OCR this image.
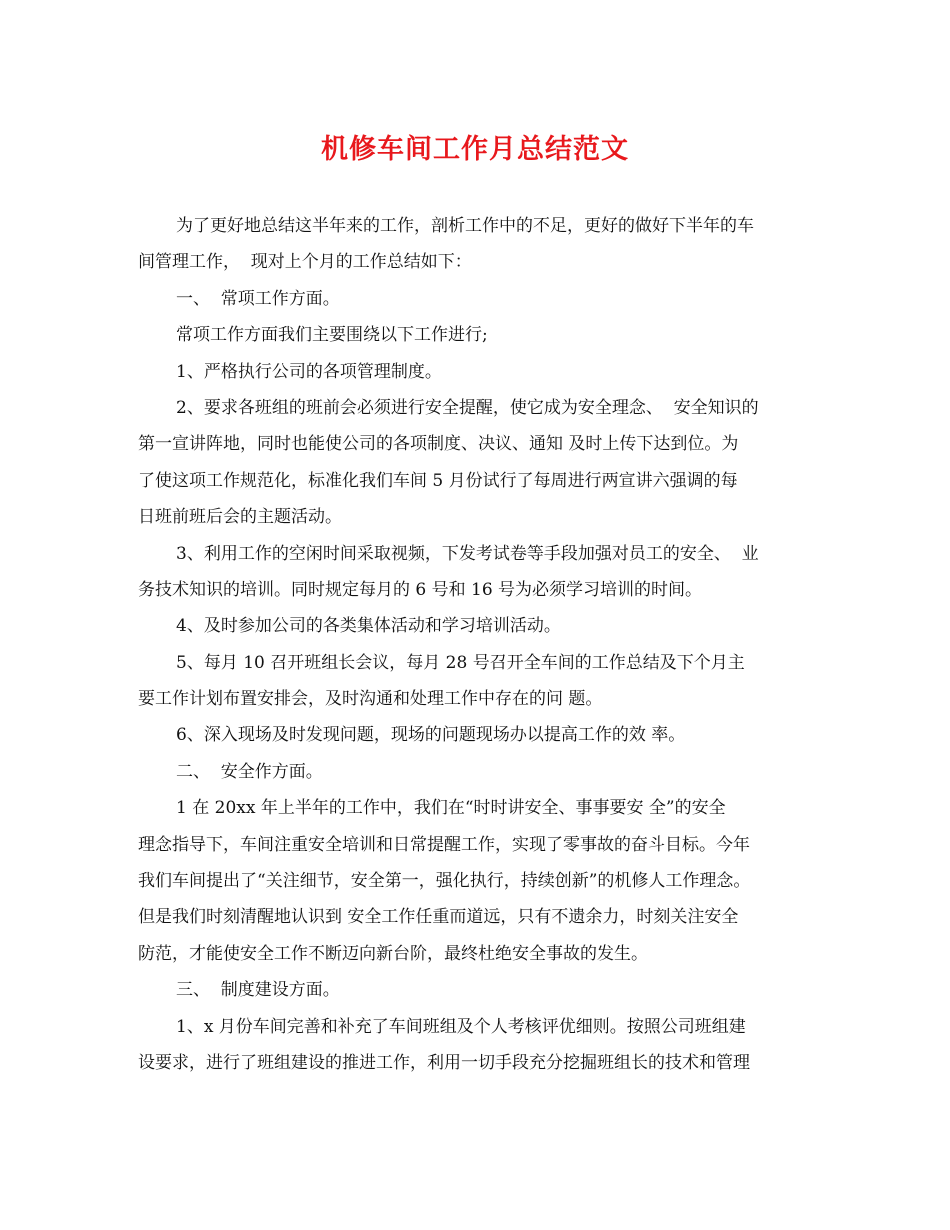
机修车间工作月总结范文
为了更好地总结这半年来的工作，剖析工作中的不足，更好的做好下半年的车
间管理工作，  现对上个月的工作总结如下：
一、  常项工作方面。
常项工作方面我们主要围绕以下工作进行;
1、严格执行公司的各项管理制度。
2、要求各班组的班前会必须进行安全提醒，使它成为安全理念、  安全知识的
第一宣讲阵地，同时也能使公司的各项制度、决议、通知 及时上传下达到位。为
了使这项工作规范化，标准化我们车间 5 月份试行了每周进行两宣讲六强调的每
日班前班后会的主题活动。
3、利用工作的空闲时间采取视频，下发考试卷等手段加强对员工的安全、  业
务技术知识的培训。同时规定每月的 6 号和 16 号为必须学习培训的时间。
4、及时参加公司的各类集体活动和学习培训活动。
5、每月 10 召开班组长会议，每月 28 号召开全车间的工作总结及下个月主
要工作计划布置安排会，及时沟通和处理工作中存在的问 题。
6、深入现场及时发现问题，现场的问题现场办以提高工作的效 率。
二、  安全作方面。
1 在 20xx 年上半年的工作中，我们在“时时讲安全、事事要安 全”的安全
理念指导下，车间注重安全培训和日常提醒工作，实现了零事故的奋斗目标。今年
我们车间提出了“关注细节，安全第一，强化执行，持续创新”的机修人工作理念。
但是我们时刻清醒地认识到 安全工作任重而道远，只有不遗余力，时刻关注安全
防范，才能使安全工作不断迈向新台阶，最终杜绝安全事故的发生。
三、  制度建设方面。
1、x 月份车间完善和补充了车间班组及个人考核评优细则。按照公司班组建
设要求，进行了班组建设的推进工作，利用一切手段充分挖掘班组长的技术和管理
